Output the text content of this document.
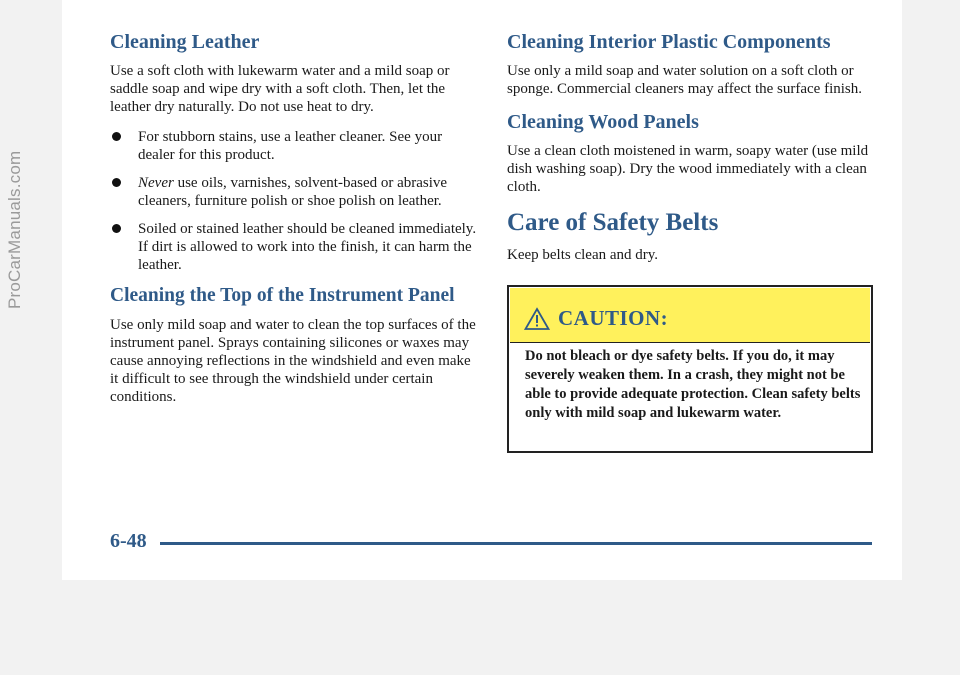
ProCarManuals.com
Cleaning Leather

Use a soft cloth with lukewarm water and a mild soap or saddle soap and wipe dry with a soft cloth. Then, let the leather dry naturally. Do not use heat to dry.

For stubborn stains, use a leather cleaner. See your dealer for this product.
Never use oils, varnishes, solvent-based or abrasive cleaners, furniture polish or shoe polish on leather.
Soiled or stained leather should be cleaned immediately. If dirt is allowed to work into the finish, it can harm the leather.
Cleaning the Top of the Instrument Panel

Use only mild soap and water to clean the top surfaces of the instrument panel. Sprays containing silicones or waxes may cause annoying reflections in the windshield and even make it difficult to see through the windshield under certain conditions.

Cleaning Interior Plastic Components

Use only a mild soap and water solution on a soft cloth or sponge. Commercial cleaners may affect the surface finish.

Cleaning Wood Panels

Use a clean cloth moistened in warm, soapy water (use mild dish washing soap). Dry the wood immediately with a clean cloth.

Care of Safety Belts

Keep belts clean and dry.

CAUTION:
Do not bleach or dye safety belts. If you do, it may severely weaken them. In a crash, they might not be able to provide adequate protection. Clean safety belts only with mild soap and lukewarm water.
6-48
